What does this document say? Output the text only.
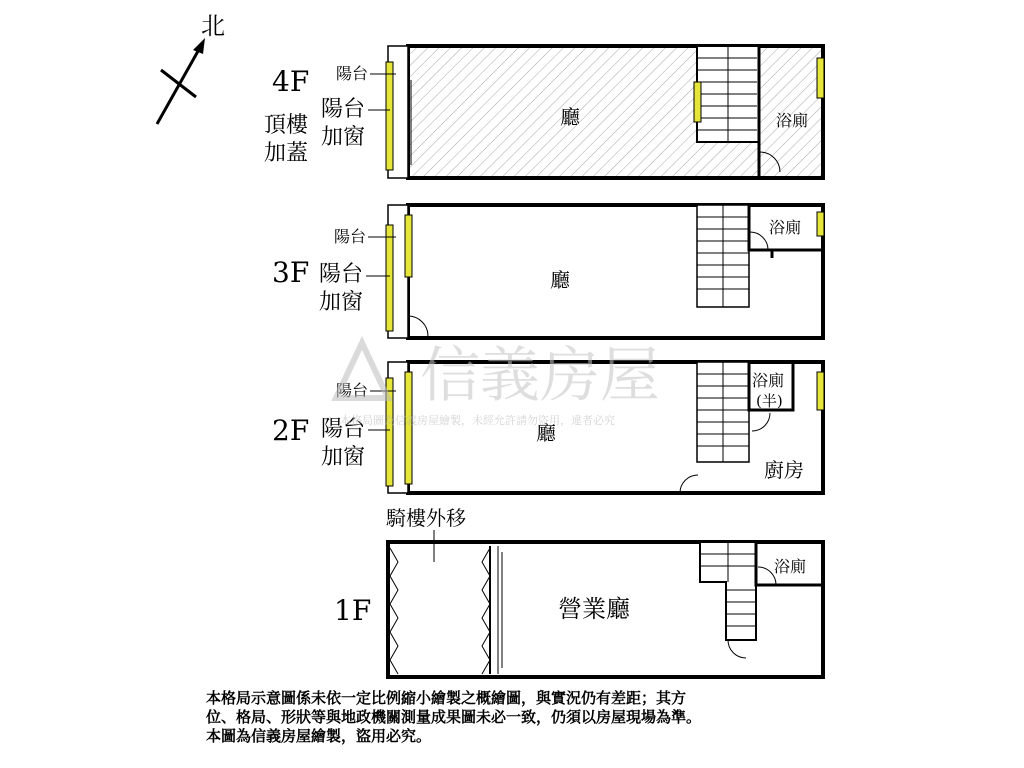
北
4F
頂樓
加蓋
陽台
陽台
加窗
廳	浴廁
3F
陽台
陽台
加窗
廳
浴廁
2F
陽台
陽台
加窗
廳
浴廁
(半)
廚房
騎樓外移
1F	營業廳
浴廁
信義房屋
本格局圖為信義房屋繪製，未經允許請勿盜用，違者必究
本格局示意圖係未依一定比例縮小繪製之概繪圖，與實況仍有差距；其方
位、格局、形狀等與地政機關測量成果圖未必一致，仍須以房屋現場為準。
本圖為信義房屋繪製，盜用必究。
